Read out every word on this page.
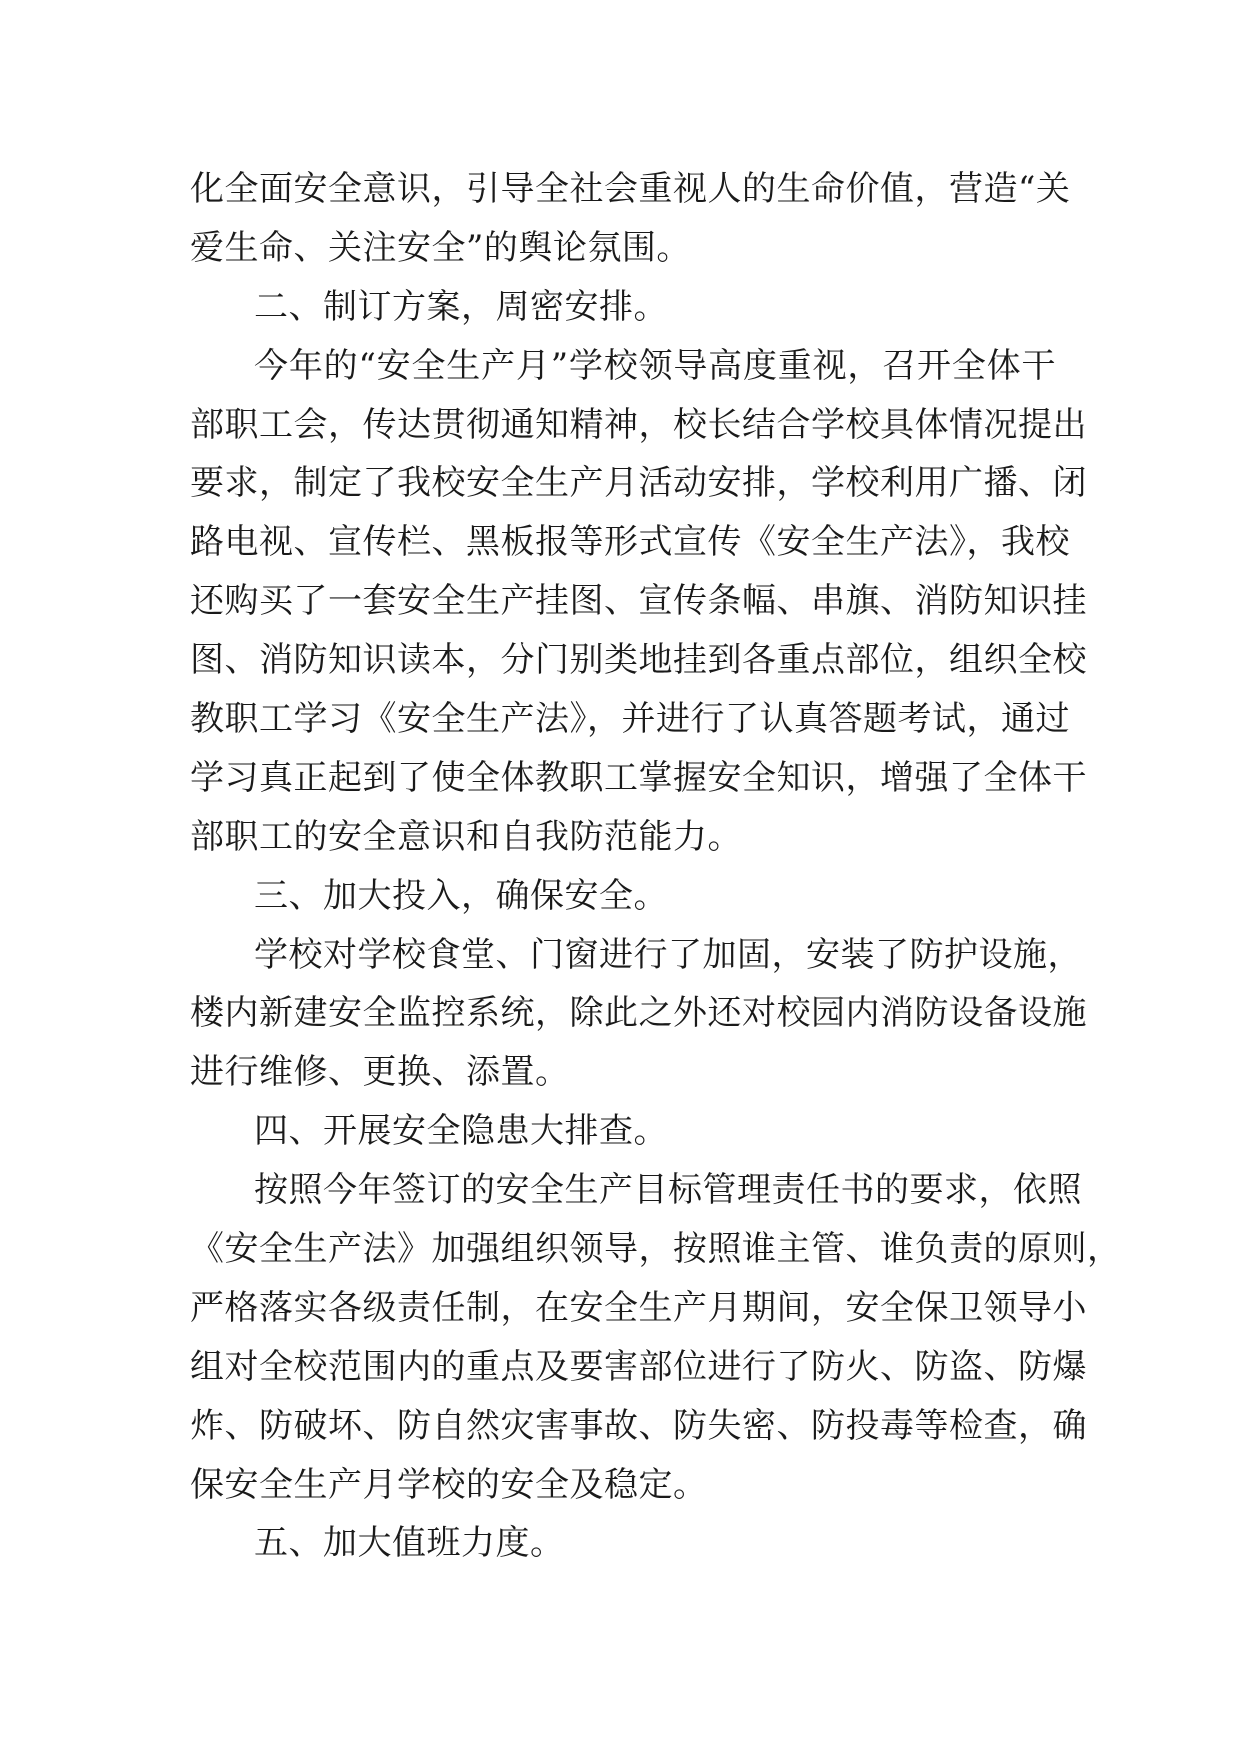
化全面安全意识，引导全社会重视人的生命价值，营造“关
爱生命、关注安全”的舆论氛围。
二、制订方案，周密安排。
今年的“安全生产月”学校领导高度重视，召开全体干
部职工会，传达贯彻通知精神，校长结合学校具体情况提出
要求，制定了我校安全生产月活动安排，学校利用广播、闭
路电视、宣传栏、黑板报等形式宣传《安全生产法》，我校
还购买了一套安全生产挂图、宣传条幅、串旗、消防知识挂
图、消防知识读本，分门别类地挂到各重点部位，组织全校
教职工学习《安全生产法》，并进行了认真答题考试，通过
学习真正起到了使全体教职工掌握安全知识，增强了全体干
部职工的安全意识和自我防范能力。
三、加大投入，确保安全。
学校对学校食堂、门窗进行了加固，安装了防护设施，
楼内新建安全监控系统，除此之外还对校园内消防设备设施
进行维修、更换、添置。
四、开展安全隐患大排查。
按照今年签订的安全生产目标管理责任书的要求，依照
《安全生产法》加强组织领导，按照谁主管、谁负责的原则，
严格落实各级责任制，在安全生产月期间，安全保卫领导小
组对全校范围内的重点及要害部位进行了防火、防盗、防爆
炸、防破坏、防自然灾害事故、防失密、防投毒等检查，确
保安全生产月学校的安全及稳定。
五、加大值班力度。
